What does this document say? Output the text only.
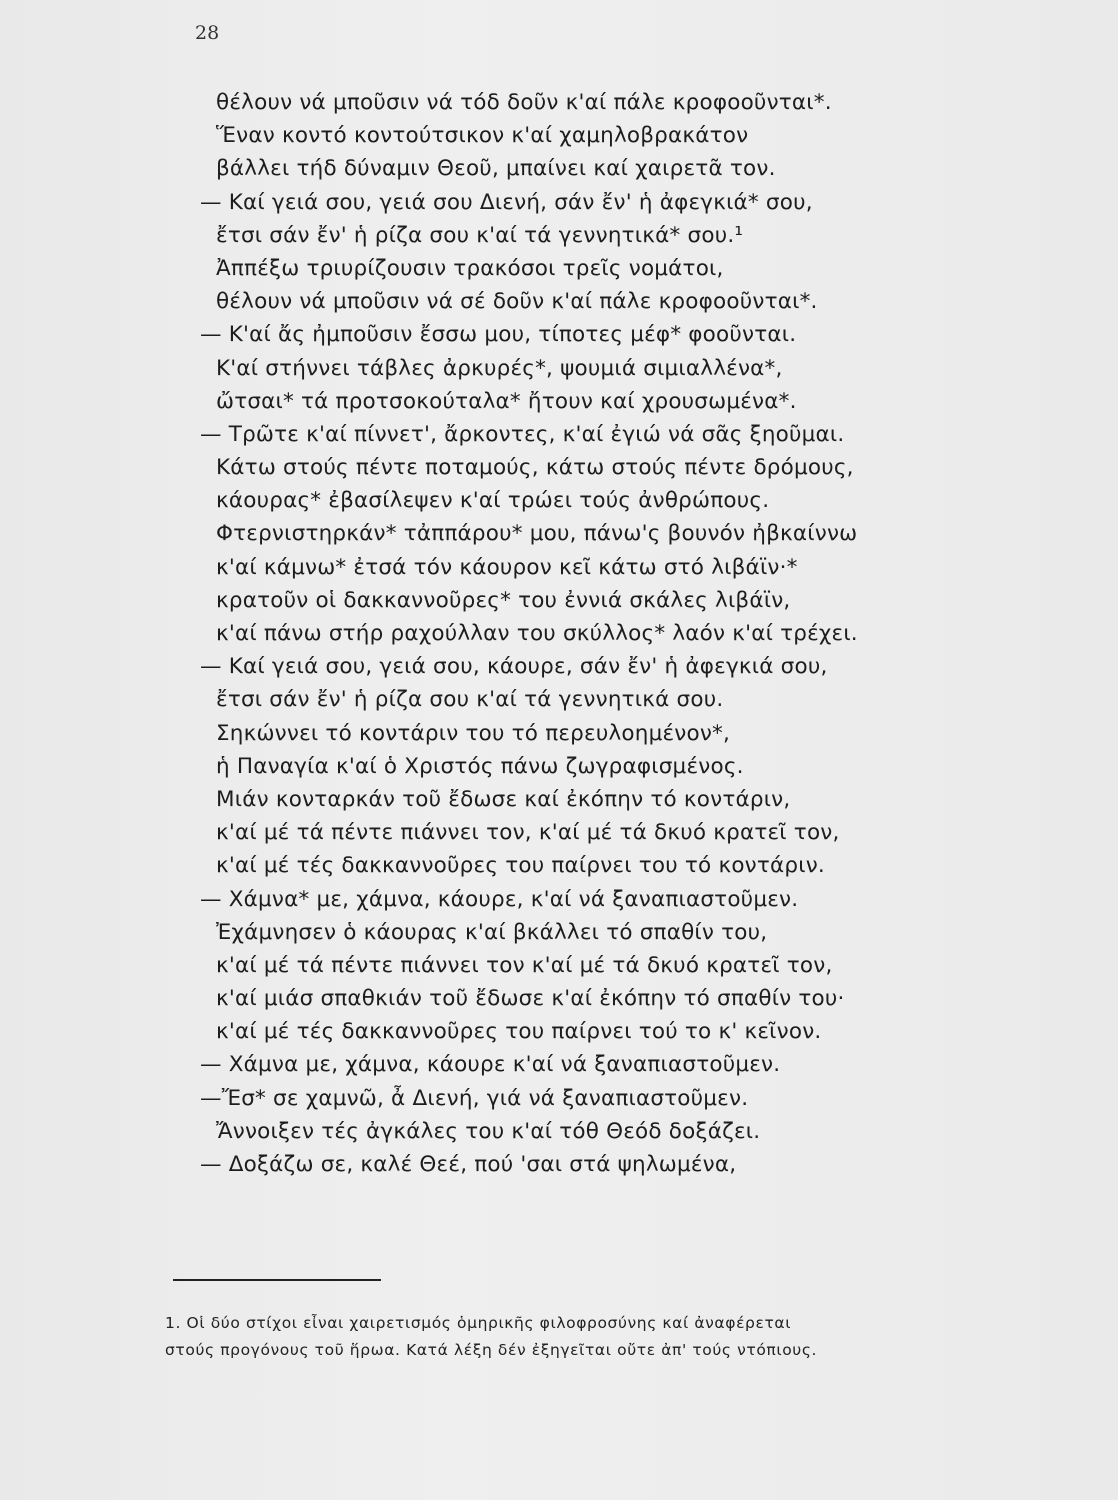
28
θέλουν νά μπου̃σιν νά τόδ δου̃ν κ'αί πάλε κροφοου̃νται*.
Ἕναν κοντό κοντούτσικον κ'αί χαμηλοβρακάτον
βάλλει τήδ δύναμιν Θεου̃, μπαίνει καί χαιρετα̃ τον.
— Καί γειά σου, γειά σου Διενή, σάν ἔν' ἡ ἀφεγκιά* σου,
ἔτσι σάν ἔν' ἡ ρίζα σου κ'αί τά γεννητικά* σου.¹
Ἀππέξω τριυρίζουσιν τρακόσοι τρει̃ς νομάτοι,
θέλουν νά μπου̃σιν νά σέ δου̃ν κ'αί πάλε κροφοου̃νται*.
— Κ'αί ἄς ἠμπου̃σιν ἔσσω μου, τίποτες μέφ* φοου̃νται.
Κ'αί στήννει τάβλες ἀρκυρές*, ψουμιά σιμιαλλένα*,
ὤτσαι* τά προτσοκούταλα* ἤτουν καί χρουσωμένα*.
— Τρω̃τε κ'αί πίννετ', ἄρκοντες, κ'αί ἐγιώ νά σα̃ς ξηου̃μαι.
Κάτω στούς πέντε ποταμούς, κάτω στούς πέντε δρόμους,
κάουρας* ἐβασίλεψεν κ'αί τρώει τούς ἀνθρώπους.
Φτερνιστηρκάν* τἀππάρου* μου, πάνω'ς βουνόν ἠβκαίννω
κ'αί κάμνω* ἐτσά τόν κάουρον κει̃ κάτω στό λιβάϊν·*
κρατου̃ν οἱ δακκαννου̃ρες* του ἐννιά σκάλες λιβάϊν,
κ'αί πάνω στήρ ραχούλλαν του σκύλλος* λαόν κ'αί τρέχει.
— Καί γειά σου, γειά σου, κάουρε, σάν ἔν' ἡ ἀφεγκιά σου,
ἔτσι σάν ἔν' ἡ ρίζα σου κ'αί τά γεννητικά σου.
Σηκώννει τό κοντάριν του τό περευλοημένον*,
ἡ Παναγία κ'αί ὁ Χριστός πάνω ζωγραφισμένος.
Μιάν κονταρκάν του̃ ἔδωσε καί ἐκόπην τό κοντάριν,
κ'αί μέ τά πέντε πιάννει τον, κ'αί μέ τά δκυό κρατει̃ τον,
κ'αί μέ τές δακκαννου̃ρες του παίρνει του τό κοντάριν.
— Χάμνα* με, χάμνα, κάουρε, κ'αί νά ξαναπιαστου̃μεν.
Ἐχάμνησεν ὁ κάουρας κ'αί βκάλλει τό σπαθίν του,
κ'αί μέ τά πέντε πιάννει τον κ'αί μέ τά δκυό κρατει̃ τον,
κ'αί μιάσ σπαθκιάν του̃ ἔδωσε κ'αί ἐκόπην τό σπαθίν του·
κ'αί μέ τές δακκαννου̃ρες του παίρνει τού το κ' κει̃νον.
— Χάμνα με, χάμνα, κάουρε κ'αί νά ξαναπιαστου̃μεν.
—Ἔσ* σε χαμνω̃, ἆ Διενή, γιά νά ξαναπιαστου̃μεν.
Ἄννοιξεν τές ἀγκάλες του κ'αί τόθ Θεόδ δοξάζει.
— Δοξάζω σε, καλέ Θεέ, πού 'σαι στά ψηλωμένα,
1. Οἱ δύο στίχοι εἶναι χαιρετισμός ὁμηρικῆς φιλοφροσύνης καί ἀναφέρεται
στούς προγόνους τοῦ ἥρωα. Κατά λέξη δέν ἐξηγεῖται οὔτε ἀπ' τούς ντόπιους.
